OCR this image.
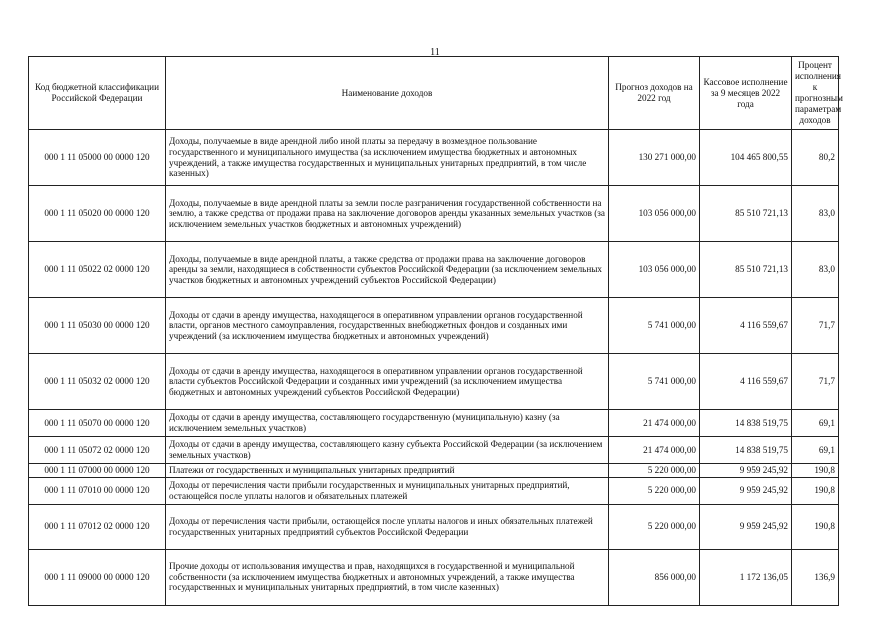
11
Код бюджетной классификации Российской Федерации	Наименование доходов	Прогноз доходов на 2022 год	Кассовое исполнение за 9 месяцев 2022 года	Процент исполнения к прогнозным параметрам доходов
000 1 11 05000 00 0000 120	Доходы, получаемые в виде арендной либо иной платы за передачу в возмездное пользование государственного и муниципального имущества (за исключением имущества бюджетных и автономных учреждений, а также имущества государственных и муниципальных унитарных предприятий, в том числе казенных)	130 271 000,00	104 465 800,55	80,2
000 1 11 05020 00 0000 120	Доходы, получаемые в виде арендной платы за земли после разграничения государственной собственности на землю, а также средства от продажи права на заключение договоров аренды указанных земельных участков (за исключением земельных участков бюджетных и автономных учреждений)	103 056 000,00	85 510 721,13	83,0
000 1 11 05022 02 0000 120	Доходы, получаемые в виде арендной платы, а также средства от продажи права на заключение договоров аренды за земли, находящиеся в собственности субъектов Российской Федерации (за исключением земельных участков бюджетных и автономных учреждений субъектов Российской Федерации)	103 056 000,00	85 510 721,13	83,0
000 1 11 05030 00 0000 120	Доходы от сдачи в аренду имущества, находящегося в оперативном управлении органов государственной власти, органов местного самоуправления, государственных внебюджетных фондов и созданных ими учреждений (за исключением имущества бюджетных и автономных учреждений)	5 741 000,00	4 116 559,67	71,7
000 1 11 05032 02 0000 120	Доходы от сдачи в аренду имущества, находящегося в оперативном управлении органов государственной власти субъектов Российской Федерации и созданных ими учреждений (за исключением имущества бюджетных и автономных учреждений субъектов Российской Федерации)	5 741 000,00	4 116 559,67	71,7
000 1 11 05070 00 0000 120	Доходы от сдачи в аренду имущества, составляющего государственную (муниципальную) казну (за исключением земельных участков)	21 474 000,00	14 838 519,75	69,1
000 1 11 05072 02 0000 120	Доходы от сдачи в аренду имущества, составляющего казну субъекта Российской Федерации (за исключением земельных участков)	21 474 000,00	14 838 519,75	69,1
000 1 11 07000 00 0000 120	Платежи от государственных и муниципальных унитарных предприятий	5 220 000,00	9 959 245,92	190,8
000 1 11 07010 00 0000 120	Доходы от перечисления части прибыли государственных и муниципальных унитарных предприятий, остающейся после уплаты налогов и обязательных платежей	5 220 000,00	9 959 245,92	190,8
000 1 11 07012 02 0000 120	Доходы от перечисления части прибыли, остающейся после уплаты налогов и иных обязательных платежей государственных унитарных предприятий субъектов Российской Федерации	5 220 000,00	9 959 245,92	190,8
000 1 11 09000 00 0000 120	Прочие доходы от использования имущества и прав, находящихся в государственной и муниципальной собственности (за исключением имущества бюджетных и автономных учреждений, а также имущества государственных и муниципальных унитарных предприятий, в том числе казенных)	856 000,00	1 172 136,05	136,9
